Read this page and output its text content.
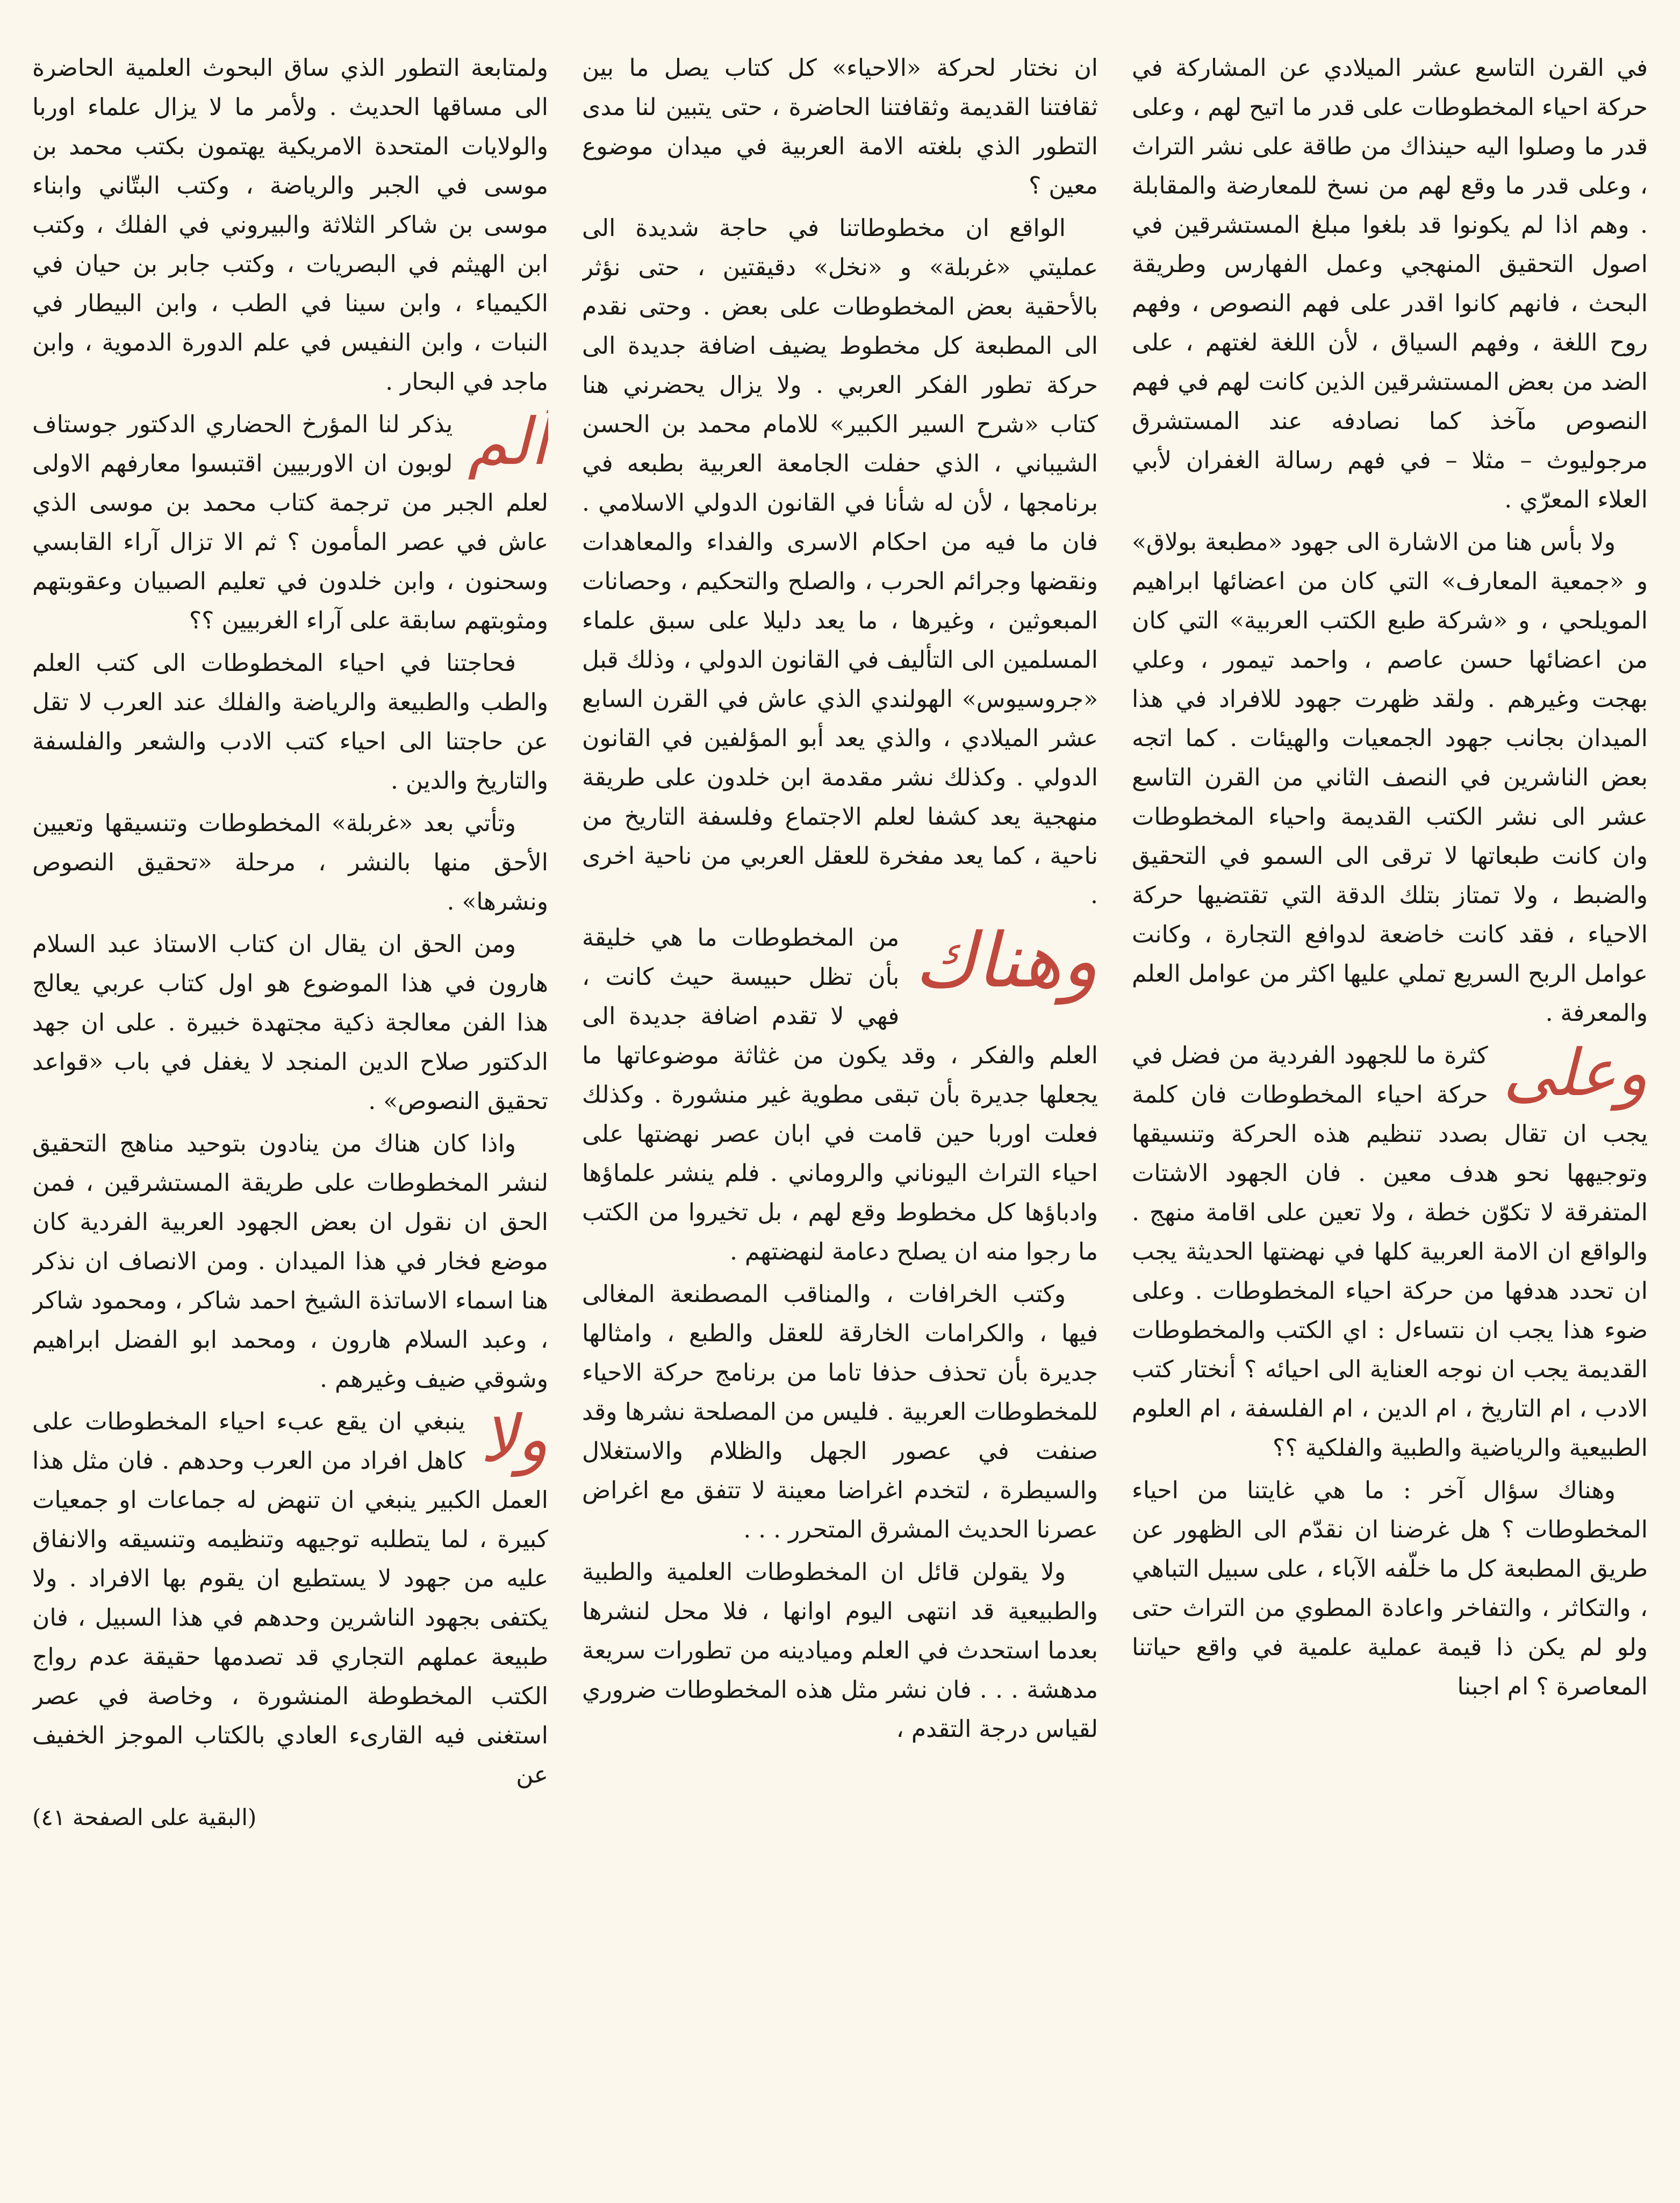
في القرن التاسع عشر الميلادي عن المشاركة في حركة احياء المخطوطات على قدر ما اتيح لهم ، وعلى قدر ما وصلوا اليه حينذاك من طاقة على نشر التراث ، وعلى قدر ما وقع لهم من نسخ للمعارضة والمقابلة . وهم اذا لم يكونوا قد بلغوا مبلغ المستشرقين في اصول التحقيق المنهجي وعمل الفهارس وطريقة البحث ، فانهم كانوا اقدر على فهم النصوص ، وفهم روح اللغة ، وفهم السياق ، لأن اللغة لغتهم ، على الضد من بعض المستشرقين الذين كانت لهم في فهم النصوص مآخذ كما نصادفه عند المستشرق مرجوليوث – مثلا – في فهم رسالة الغفران لأبي العلاء المعرّي .

ولا بأس هنا من الاشارة الى جهود «مطبعة بولاق» و «جمعية المعارف» التي كان من اعضائها ابراهيم المويلحي ، و «شركة طبع الكتب العربية» التي كان من اعضائها حسن عاصم ، واحمد تيمور ، وعلي بهجت وغيرهم . ولقد ظهرت جهود للافراد في هذا الميدان بجانب جهود الجمعيات والهيئات . كما اتجه بعض الناشرين في النصف الثاني من القرن التاسع عشر الى نشر الكتب القديمة واحياء المخطوطات وان كانت طبعاتها لا ترقى الى السمو في التحقيق والضبط ، ولا تمتاز بتلك الدقة التي تقتضيها حركة الاحياء ، فقد كانت خاضعة لدوافع التجارة ، وكانت عوامل الربح السريع تملي عليها اكثر من عوامل العلم والمعرفة .

وعلى
كثرة ما للجهود الفردية من فضل في حركة احياء المخطوطات فان كلمة يجب ان تقال بصدد تنظيم هذه الحركة وتنسيقها وتوجيهها نحو هدف معين . فان الجهود الاشتات المتفرقة لا تكوّن خطة ، ولا تعين على اقامة منهج . والواقع ان الامة العربية كلها في نهضتها الحديثة يجب ان تحدد هدفها من حركة احياء المخطوطات . وعلى ضوء هذا يجب ان نتساءل : اي الكتب والمخطوطات القديمة يجب ان نوجه العناية الى احيائه ؟ أنختار كتب الادب ، ام التاريخ ، ام الدين ، ام الفلسفة ، ام العلوم الطبيعية والرياضية والطبية والفلكية ؟؟

وهناك سؤال آخر : ما هي غايتنا من احياء المخطوطات ؟ هل غرضنا ان نقدّم الى الظهور عن طريق المطبعة كل ما خلّفه الآباء ، على سبيل التباهي ، والتكاثر ، والتفاخر واعادة المطوي من التراث حتى ولو لم يكن ذا قيمة عملية علمية في واقع حياتنا المعاصرة ؟ ام اجبنا

ان نختار لحركة «الاحياء» كل كتاب يصل ما بين ثقافتنا القديمة وثقافتنا الحاضرة ، حتى يتبين لنا مدى التطور الذي بلغته الامة العربية في ميدان موضوع معين ؟

الواقع ان مخطوطاتنا في حاجة شديدة الى عمليتي «غربلة» و «نخل» دقيقتين ، حتى نؤثر بالأحقية بعض المخطوطات على بعض . وحتى نقدم الى المطبعة كل مخطوط يضيف اضافة جديدة الى حركة تطور الفكر العربي . ولا يزال يحضرني هنا كتاب «شرح السير الكبير» للامام محمد بن الحسن الشيباني ، الذي حفلت الجامعة العربية بطبعه في برنامجها ، لأن له شأنا في القانون الدولي الاسلامي . فان ما فيه من احكام الاسرى والفداء والمعاهدات ونقضها وجرائم الحرب ، والصلح والتحكيم ، وحصانات المبعوثين ، وغيرها ، ما يعد دليلا على سبق علماء المسلمين الى التأليف في القانون الدولي ، وذلك قبل «جروسيوس» الهولندي الذي عاش في القرن السابع عشر الميلادي ، والذي يعد أبو المؤلفين في القانون الدولي . وكذلك نشر مقدمة ابن خلدون على طريقة منهجية يعد كشفا لعلم الاجتماع وفلسفة التاريخ من ناحية ، كما يعد مفخرة للعقل العربي من ناحية اخرى .

وهناك
من المخطوطات ما هي خليقة بأن تظل حبيسة حيث كانت ، فهي لا تقدم اضافة جديدة الى العلم والفكر ، وقد يكون من غثاثة موضوعاتها ما يجعلها جديرة بأن تبقى مطوية غير منشورة . وكذلك فعلت اوربا حين قامت في ابان عصر نهضتها على احياء التراث اليوناني والروماني . فلم ينشر علماؤها وادباؤها كل مخطوط وقع لهم ، بل تخيروا من الكتب ما رجوا منه ان يصلح دعامة لنهضتهم .

وكتب الخرافات ، والمناقب المصطنعة المغالى فيها ، والكرامات الخارقة للعقل والطبع ، وامثالها جديرة بأن تحذف حذفا تاما من برنامج حركة الاحياء للمخطوطات العربية . فليس من المصلحة نشرها وقد صنفت في عصور الجهل والظلام والاستغلال والسيطرة ، لتخدم اغراضا معينة لا تتفق مع اغراض عصرنا الحديث المشرق المتحرر . . .

ولا يقولن قائل ان المخطوطات العلمية والطبية والطبيعية قد انتهى اليوم اوانها ، فلا محل لنشرها بعدما استحدث في العلم وميادينه من تطورات سريعة مدهشة . . . فان نشر مثل هذه المخطوطات ضروري لقياس درجة التقدم ،

ولمتابعة التطور الذي ساق البحوث العلمية الحاضرة الى مساقها الحديث . ولأمر ما لا يزال علماء اوربا والولايات المتحدة الامريكية يهتمون بكتب محمد بن موسى في الجبر والرياضة ، وكتب البتّاني وابناء موسى بن شاكر الثلاثة والبيروني في الفلك ، وكتب ابن الهيثم في البصريات ، وكتب جابر بن حيان في الكيمياء ، وابن سينا في الطب ، وابن البيطار في النبات ، وابن النفيس في علم الدورة الدموية ، وابن ماجد في البحار .

ألم
يذكر لنا المؤرخ الحضاري الدكتور جوستاف لوبون ان الاوربيين اقتبسوا معارفهم الاولى لعلم الجبر من ترجمة كتاب محمد بن موسى الذي عاش في عصر المأمون ؟ ثم الا تزال آراء القابسي وسحنون ، وابن خلدون في تعليم الصبيان وعقوبتهم ومثوبتهم سابقة على آراء الغربيين ؟؟

فحاجتنا في احياء المخطوطات الى كتب العلم والطب والطبيعة والرياضة والفلك عند العرب لا تقل عن حاجتنا الى احياء كتب الادب والشعر والفلسفة والتاريخ والدين .

وتأتي بعد «غربلة» المخطوطات وتنسيقها وتعيين الأحق منها بالنشر ، مرحلة «تحقيق النصوص ونشرها» .

ومن الحق ان يقال ان كتاب الاستاذ عبد السلام هارون في هذا الموضوع هو اول كتاب عربي يعالج هذا الفن معالجة ذكية مجتهدة خبيرة . على ان جهد الدكتور صلاح الدين المنجد لا يغفل في باب «قواعد تحقيق النصوص» .

واذا كان هناك من ينادون بتوحيد مناهج التحقيق لنشر المخطوطات على طريقة المستشرقين ، فمن الحق ان نقول ان بعض الجهود العربية الفردية كان موضع فخار في هذا الميدان . ومن الانصاف ان نذكر هنا اسماء الاساتذة الشيخ احمد شاكر ، ومحمود شاكر ، وعبد السلام هارون ، ومحمد ابو الفضل ابراهيم وشوقي ضيف وغيرهم .

ولا
ينبغي ان يقع عبء احياء المخطوطات على كاهل افراد من العرب وحدهم . فان مثل هذا العمل الكبير ينبغي ان تنهض له جماعات او جمعيات كبيرة ، لما يتطلبه توجيهه وتنظيمه وتنسيقه والانفاق عليه من جهود لا يستطيع ان يقوم بها الافراد . ولا يكتفى بجهود الناشرين وحدهم في هذا السبيل ، فان طبيعة عملهم التجاري قد تصدمها حقيقة عدم رواج الكتب المخطوطة المنشورة ، وخاصة في عصر استغنى فيه القارىء العادي بالكتاب الموجز الخفيف عن

(البقية على الصفحة ٤١)
